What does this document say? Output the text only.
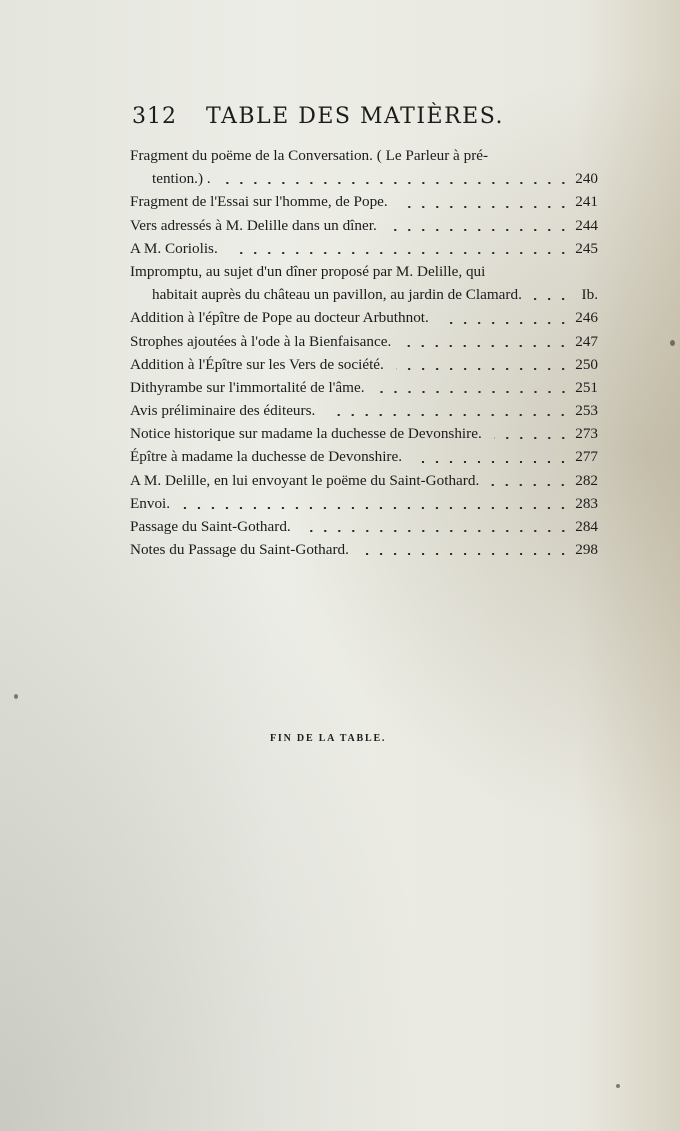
312 TABLE DES MATIÈRES.
Fragment du poëme de la Conversation. ( Le Parleur à pré-
tention.) .	240
Fragment de l'Essai sur l'homme, de Pope.	241
Vers adressés à M. Delille dans un dîner.	244
A M. Coriolis.	245
Impromptu, au sujet d'un dîner proposé par M. Delille, qui
habitait auprès du château un pavillon, au jardin de Clamard.	Ib.
Addition à l'épître de Pope au docteur Arbuthnot.	246
Strophes ajoutées à l'ode à la Bienfaisance.	247
Addition à l'Épître sur les Vers de société.	250
Dithyrambe sur l'immortalité de l'âme.	251
Avis préliminaire des éditeurs.	253
Notice historique sur madame la duchesse de Devonshire.	273
Épître à madame la duchesse de Devonshire.	277
A M. Delille, en lui envoyant le poëme du Saint-Gothard.	282
Envoi.	283
Passage du Saint-Gothard.	284
Notes du Passage du Saint-Gothard.	298
FIN DE LA TABLE.
